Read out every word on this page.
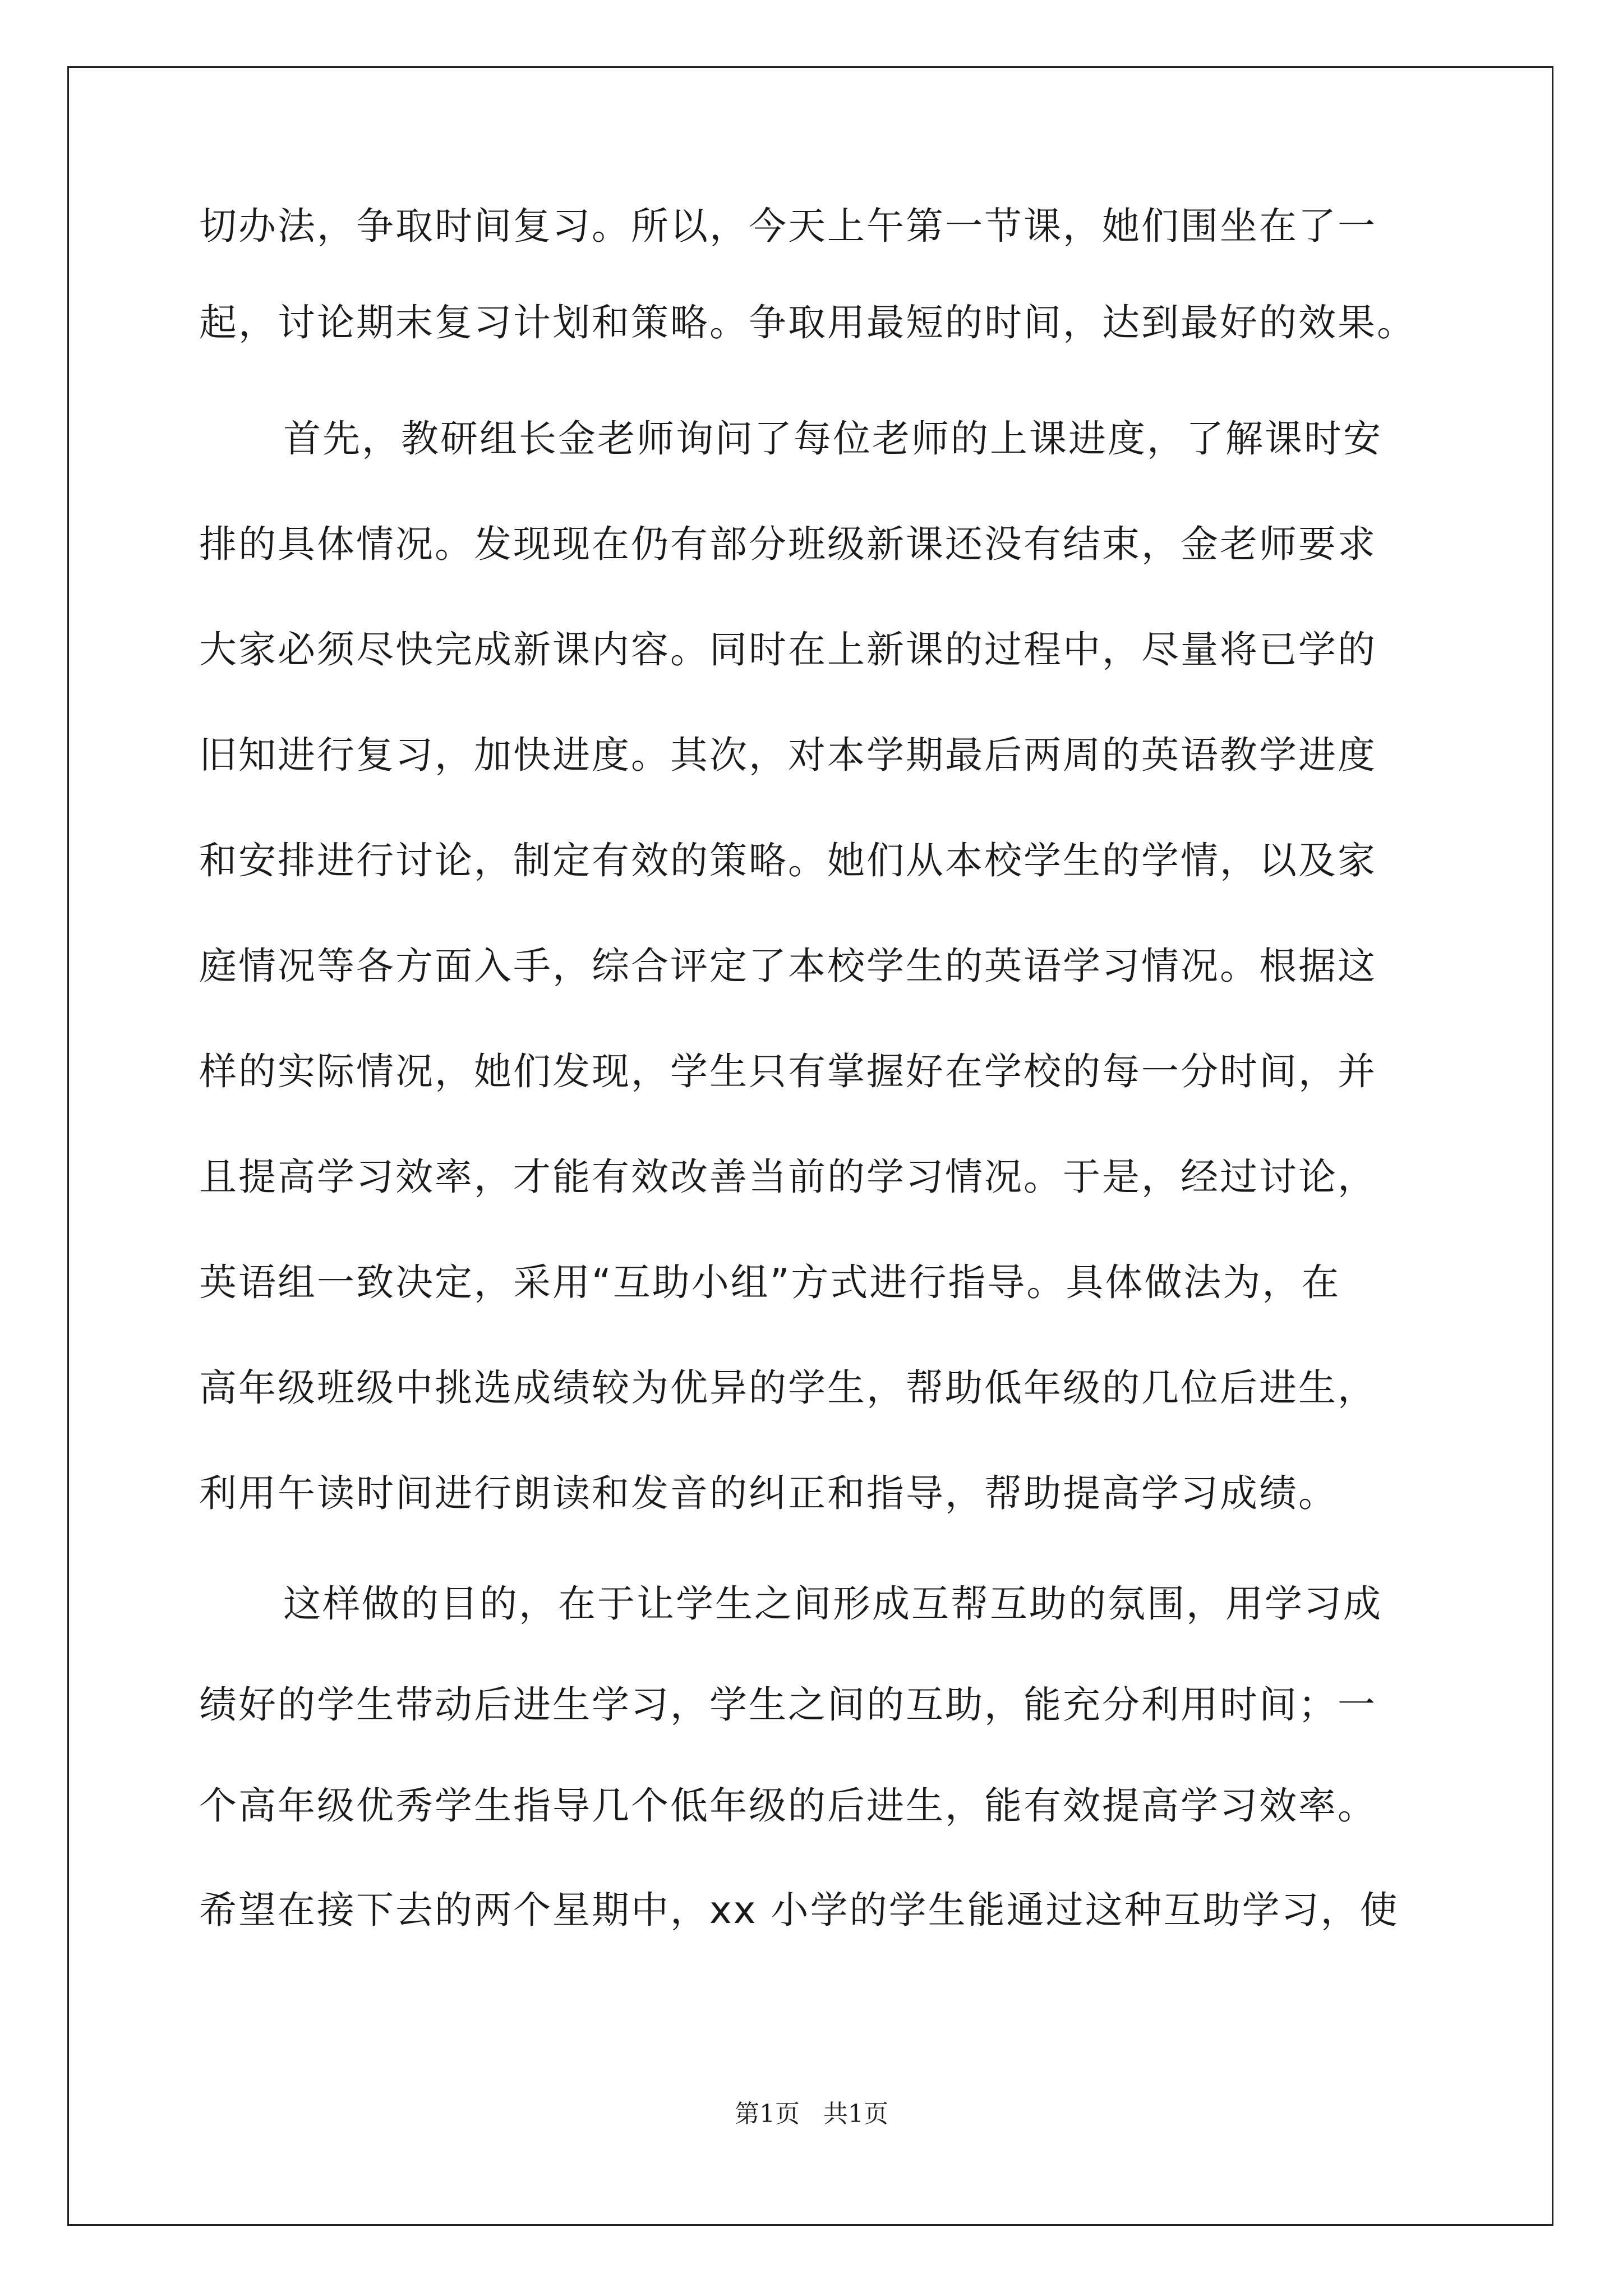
切办法，争取时间复习。所以，今天上午第一节课，她们围坐在了一
起，讨论期末复习计划和策略。争取用最短的时间，达到最好的效果。
首先，教研组长金老师询问了每位老师的上课进度，了解课时安
排的具体情况。发现现在仍有部分班级新课还没有结束，金老师要求
大家必须尽快完成新课内容。同时在上新课的过程中，尽量将已学的
旧知进行复习，加快进度。其次，对本学期最后两周的英语教学进度
和安排进行讨论，制定有效的策略。她们从本校学生的学情，以及家
庭情况等各方面入手，综合评定了本校学生的英语学习情况。根据这
样的实际情况，她们发现，学生只有掌握好在学校的每一分时间，并
且提高学习效率，才能有效改善当前的学习情况。于是，经过讨论，
英语组一致决定，采用“互助小组”方式进行指导。具体做法为，在
高年级班级中挑选成绩较为优异的学生，帮助低年级的几位后进生，
利用午读时间进行朗读和发音的纠正和指导，帮助提高学习成绩。
这样做的目的，在于让学生之间形成互帮互助的氛围，用学习成
绩好的学生带动后进生学习，学生之间的互助，能充分利用时间；一
个高年级优秀学生指导几个低年级的后进生，能有效提高学习效率。
希望在接下去的两个星期中，xx 小学的学生能通过这种互助学习，使
第1页   共1页
